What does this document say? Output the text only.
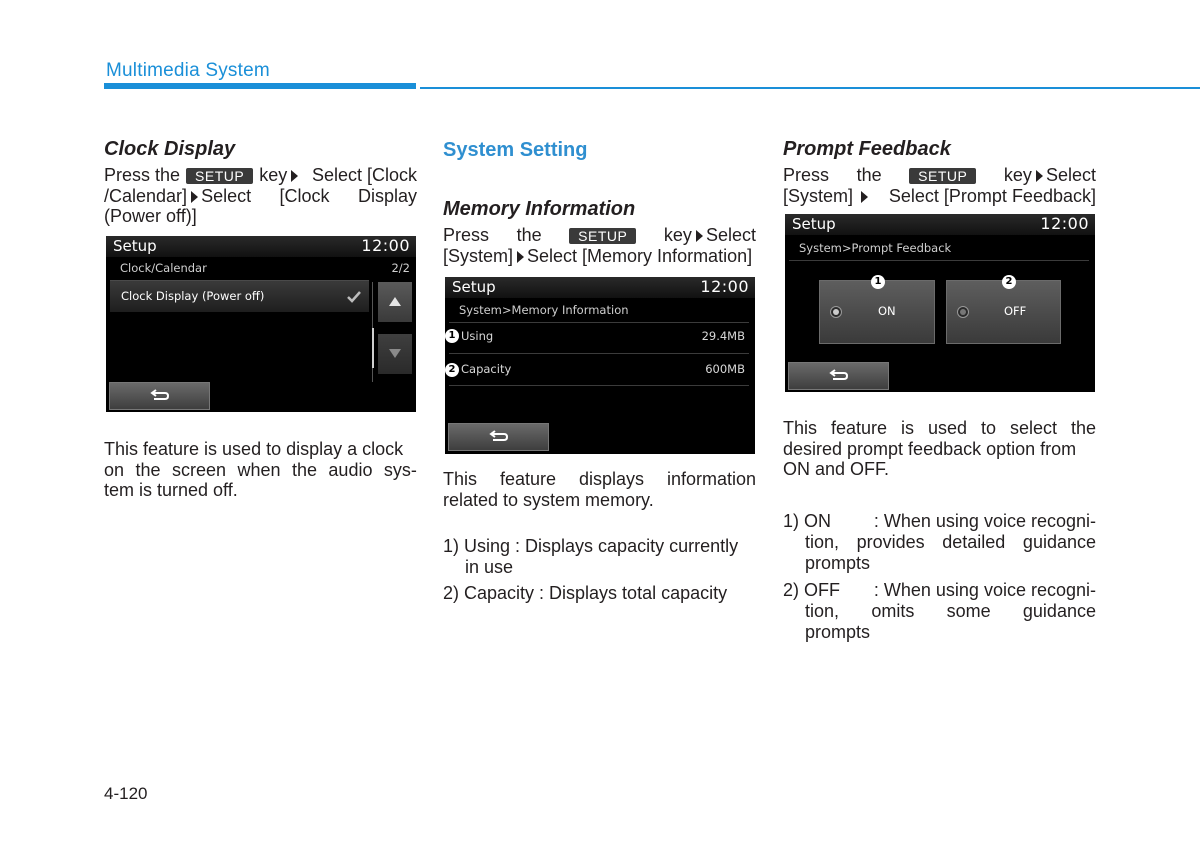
Multimedia System
Clock Display
Press the	SETUP key Select [Clock
/Calendar] Select [Clock Display
(Power off)]
Setup	12:00
Clock/Calendar	2/2
Clock Display (Power off)
This feature is used to display a clock
on the screen when the audio sys-
tem is turned off.
System Setting
Memory Information
Press the	SETUP	key Select
[System] Select [Memory Information]
Setup	12:00
System>Memory Information
1 Using	29.4MB
2 Capacity	600MB
This feature displays information
related to system memory.
1) Using : Displays capacity currently
in use
2) Capacity : Displays total capacity
Prompt Feedback
Press the	SETUP	key Select
[System] Select [Prompt Feedback]
Setup	12:00
System>Prompt Feedback
ON
1
OFF
2
This feature is used to select the
desired prompt feedback option from
ON and OFF.
1) ON : When using voice recogni-
tion, provides detailed guidance
prompts
2) OFF : When using voice recogni-
tion, omits some guidance
prompts
4-120
